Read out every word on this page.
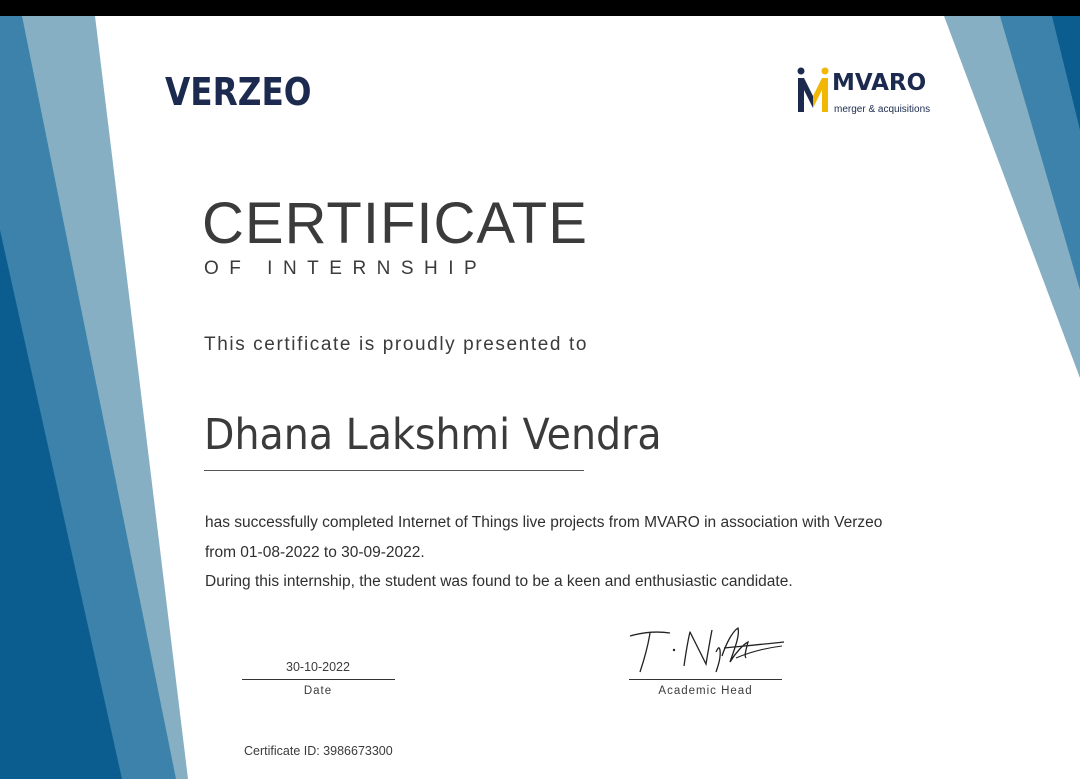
VERZEO	MVARO
merger & acquisitions
CERTIFICATE
OF INTERNSHIP
This certificate is proudly presented to
Dhana Lakshmi Vendra
has successfully completed Internet of Things live projects from MVARO in association with Verzeo
from 01-08-2022 to 30-09-2022.
During this internship, the student was found to be a keen and enthusiastic candidate.
30-10-2022
Date	Academic Head
Certificate ID: 3986673300
